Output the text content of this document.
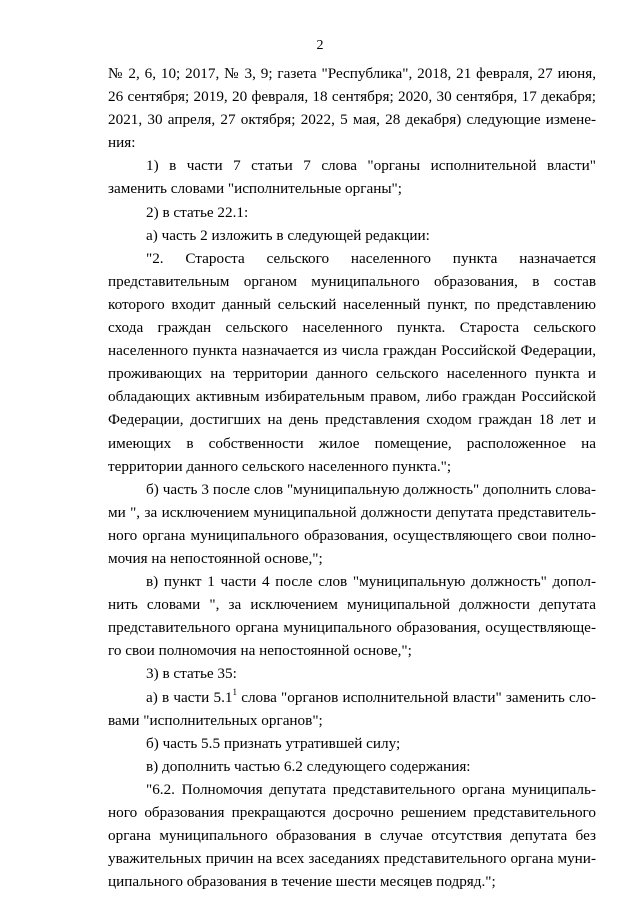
2

№ 2, 6, 10; 2017, № 3, 9; газета "Республика", 2018, 21 февраля, 27 июня, 26 сентября; 2019, 20 февраля, 18 сентября; 2020, 30 сентября, 17 декабря; 2021, 30 апреля, 27 октября; 2022, 5 мая, 28 декабря) следующие изменения:

1) в части 7 статьи 7 слова "органы исполнительной власти" заменить словами "исполнительные органы";

2) в статье 22.1:

а) часть 2 изложить в следующей редакции:

"2. Староста сельского населенного пункта назначается представительным органом муниципального образования, в состав которого входит данный сельский населенный пункт, по представлению схода граждан сельского населенного пункта. Староста сельского населенного пункта назначается из числа граждан Российской Федерации, проживающих на территории данного сельского населенного пункта и обладающих активным избирательным правом, либо граждан Российской Федерации, достигших на день представления сходом граждан 18 лет и имеющих в собственности жилое помещение, расположенное на территории данного сельского населенного пункта.";

б) часть 3 после слов "муниципальную должность" дополнить словами ", за исключением муниципальной должности депутата представительного органа муниципального образования, осуществляющего свои полномочия на непостоянной основе,";

в) пункт 1 части 4 после слов "муниципальную должность" дополнить словами ", за исключением муниципальной должности депутата представительного органа муниципального образования, осуществляющего свои полномочия на непостоянной основе,";

3) в статье 35:

а) в части $5.1^1$ слова "органов исполнительной власти" заменить словами "исполнительных органов";

б) часть 5.5 признать утратившей силу;

в) дополнить частью 6.2 следующего содержания:

"6.2. Полномочия депутата представительного органа муниципального образования прекращаются досрочно решением представительного органа муниципального образования в случае отсутствия депутата без уважительных причин на всех заседаниях представительного органа муниципального образования в течение шести месяцев подряд.";
